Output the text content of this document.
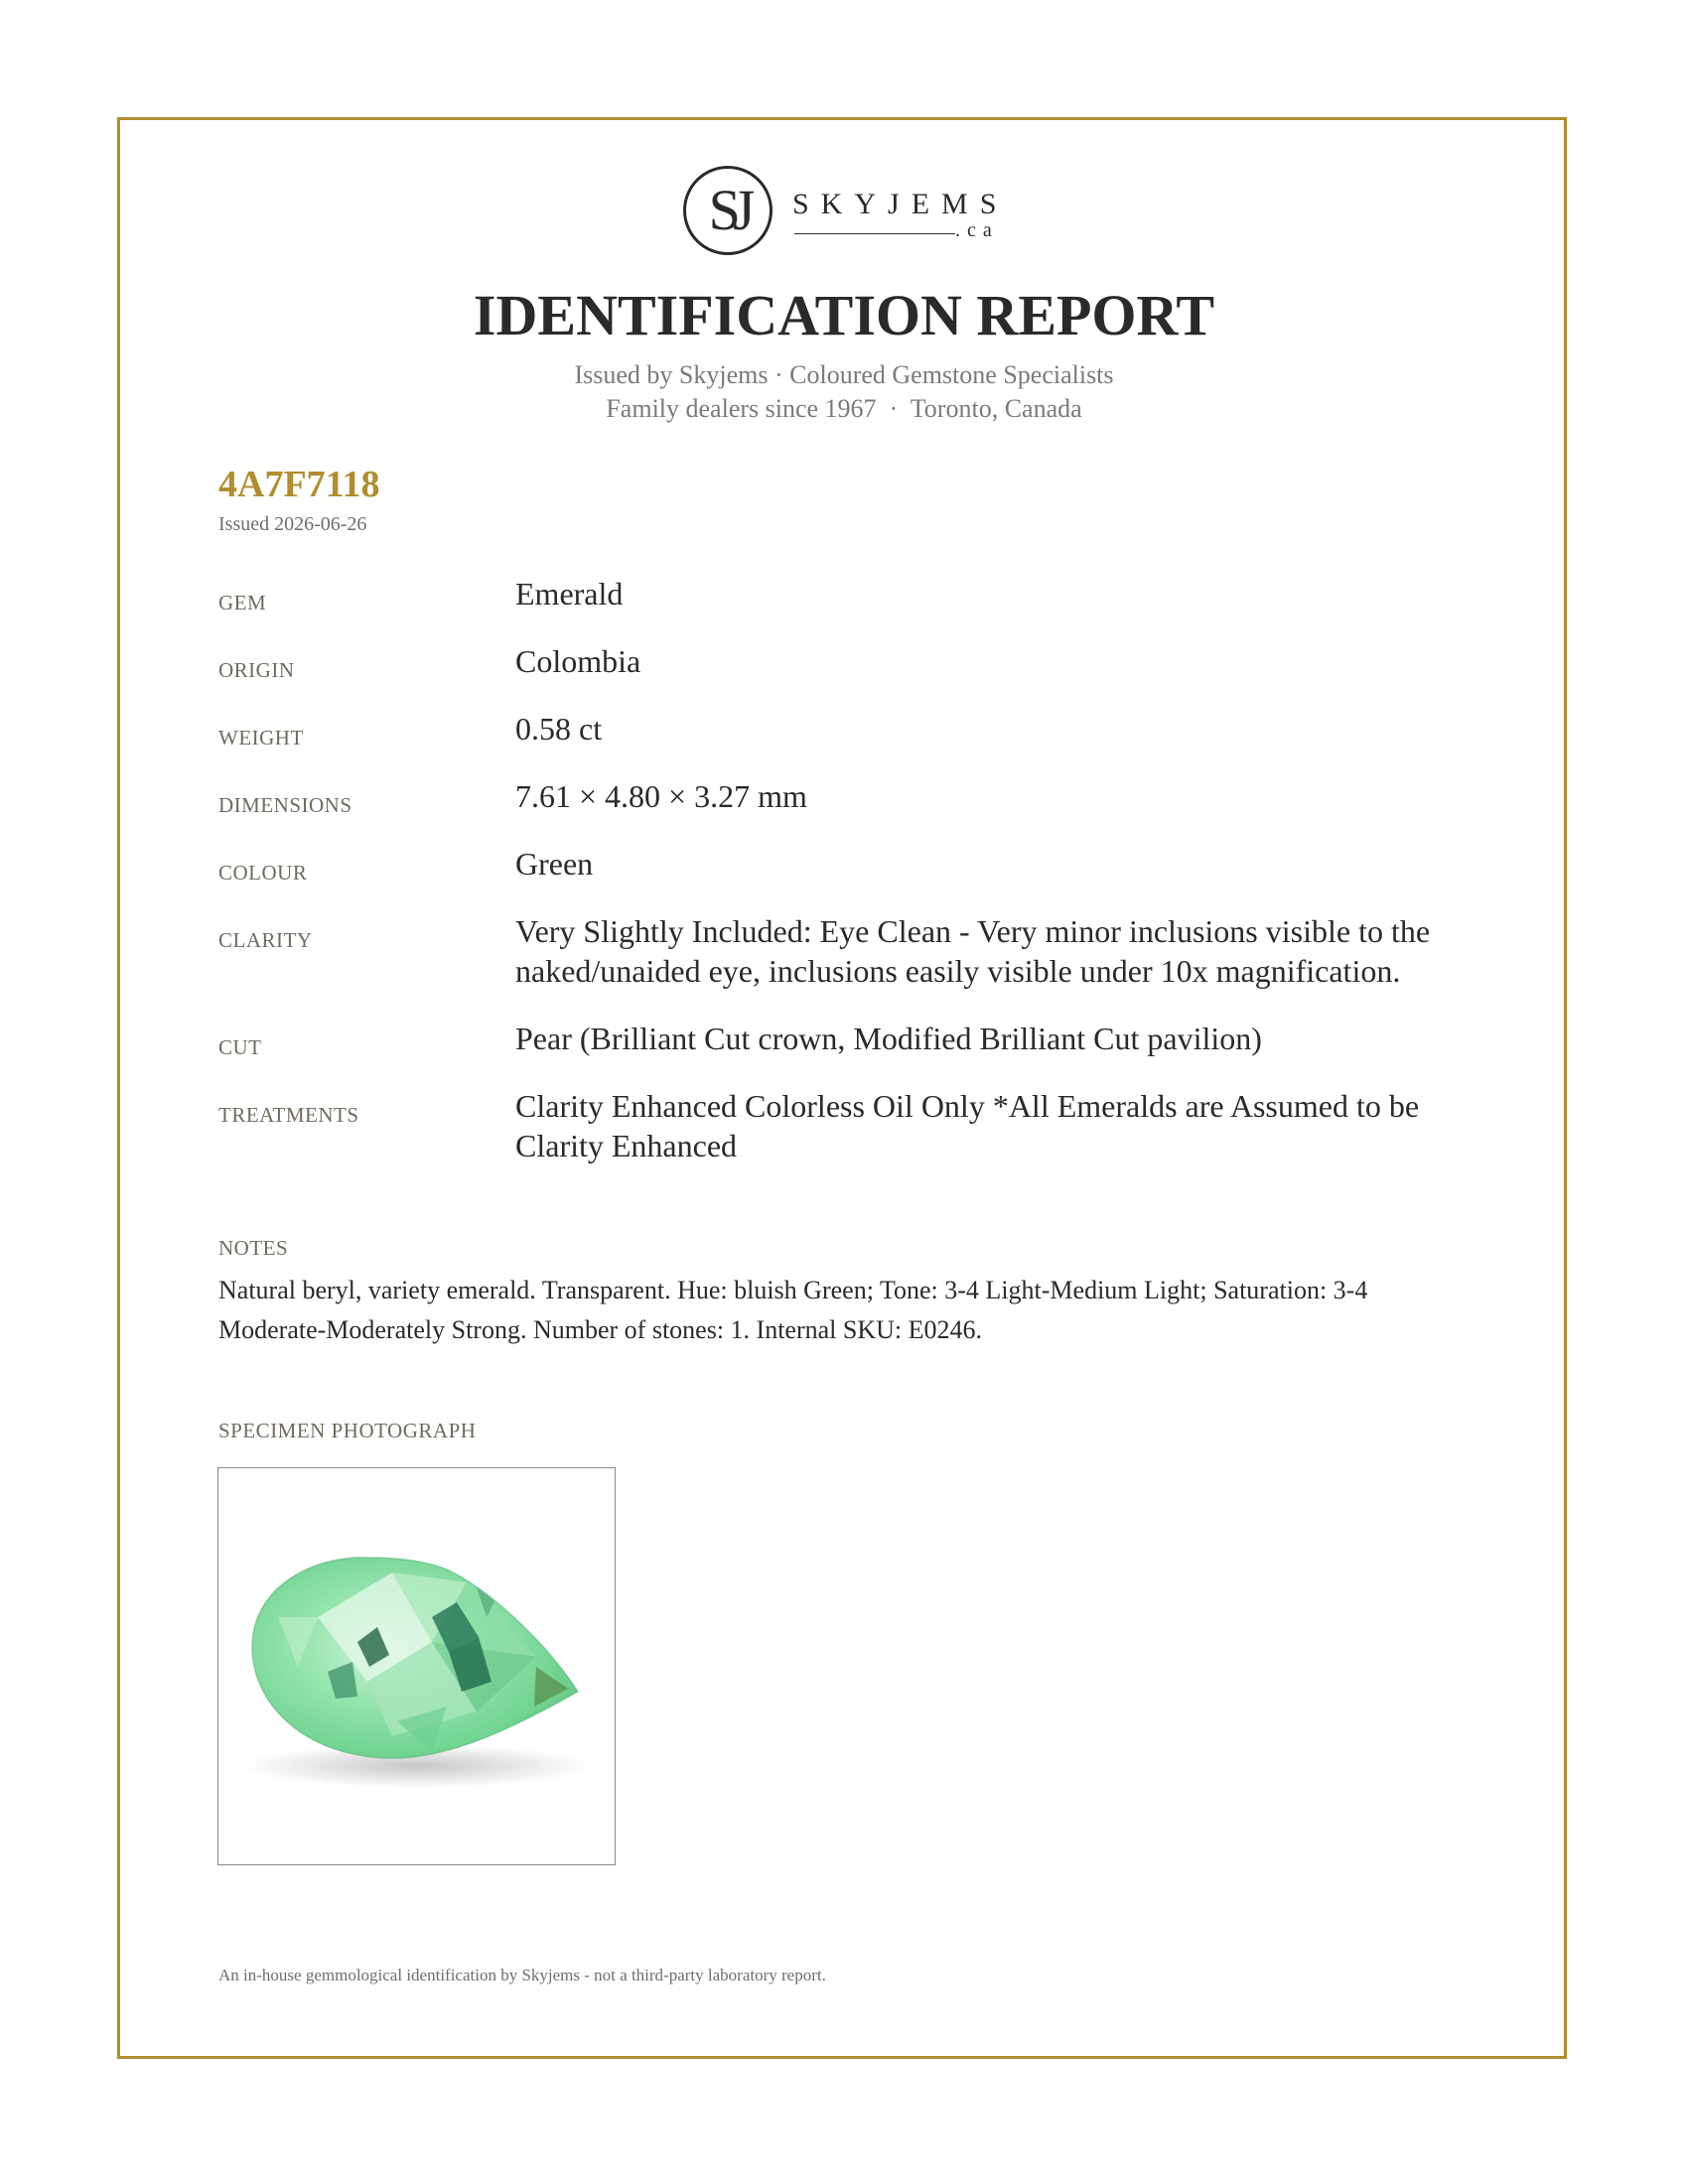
SJ	SKYJEMS
.ca
IDENTIFICATION REPORT
Issued by Skyjems · Coloured Gemstone Specialists
Family dealers since 1967  ·  Toronto, Canada
4A7F7118
Issued 2026-06-26
GEM	Emerald
ORIGIN	Colombia
WEIGHT	0.58 ct
DIMENSIONS	7.61 × 4.80 × 3.27 mm
COLOUR	Green
CLARITY	Very Slightly Included: Eye Clean - Very minor inclusions visible to the naked/unaided eye, inclusions easily visible under 10x magnification.
CUT	Pear (Brilliant Cut crown, Modified Brilliant Cut pavilion)
TREATMENTS	Clarity Enhanced Colorless Oil Only *All Emeralds are Assumed to be Clarity Enhanced
NOTES
Natural beryl, variety emerald. Transparent. Hue: bluish Green; Tone: 3-4 Light-Medium Light; Saturation: 3-4 Moderate-Moderately Strong. Number of stones: 1. Internal SKU: E0246.
SPECIMEN PHOTOGRAPH
An in-house gemmological identification by Skyjems - not a third-party laboratory report.
